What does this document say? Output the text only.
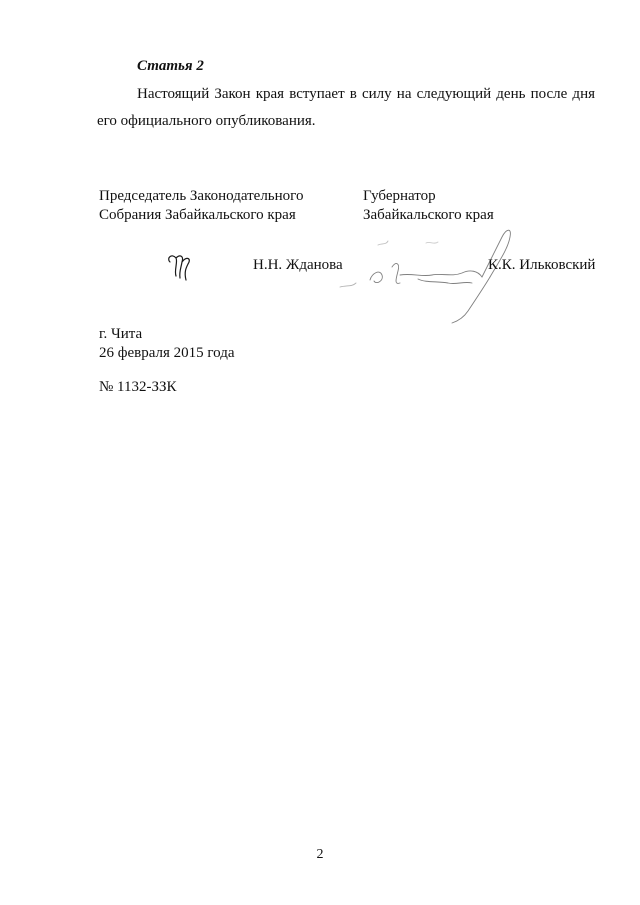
Статья 2
Настоящий Закон края вступает в силу на следующий день после дня
его официального опубликования.
Председатель Законодательного
Собрания Забайкальского края
Губернатор
Забайкальского края
Н.Н. Жданова	К.К. Ильковский
г. Чита
26 февраля 2015 года
№ 1132-ЗЗК
2
